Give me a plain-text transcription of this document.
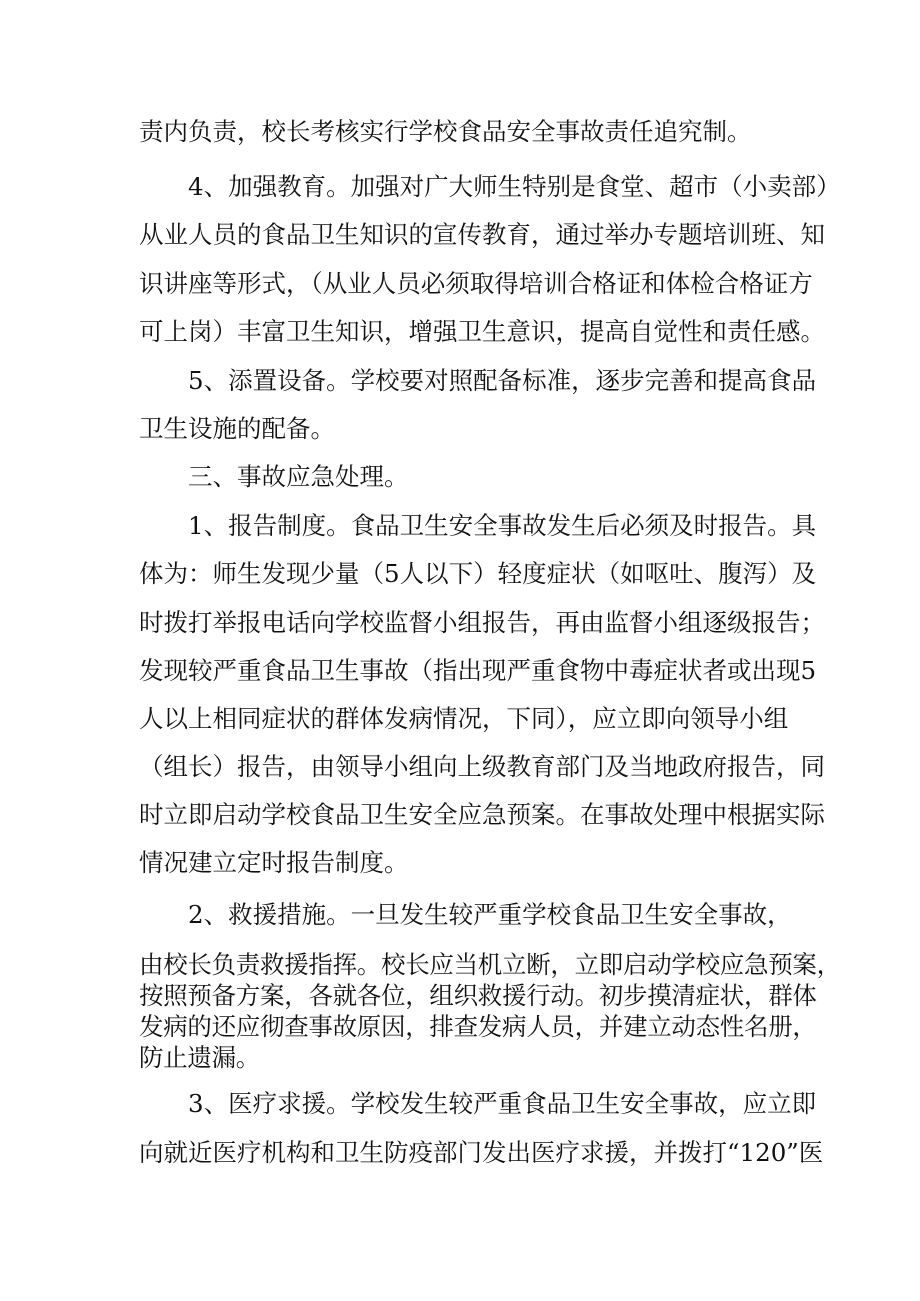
责内负责，校长考核实行学校食品安全事故责任追究制。
4、加强教育。加强对广大师生特别是食堂、超市（小卖部）
从业人员的食品卫生知识的宣传教育，通过举办专题培训班、知
识讲座等形式，（从业人员必须取得培训合格证和体检合格证方
可上岗）丰富卫生知识，增强卫生意识，提高自觉性和责任感。
5、添置设备。学校要对照配备标准，逐步完善和提高食品
卫生设施的配备。
三、事故应急处理。
1、报告制度。食品卫生安全事故发生后必须及时报告。具
体为：师生发现少量（5人以下）轻度症状（如呕吐、腹泻）及
时拨打举报电话向学校监督小组报告，再由监督小组逐级报告；
发现较严重食品卫生事故（指出现严重食物中毒症状者或出现5
人以上相同症状的群体发病情况，下同），应立即向领导小组
（组长）报告，由领导小组向上级教育部门及当地政府报告，同
时立即启动学校食品卫生安全应急预案。在事故处理中根据实际
情况建立定时报告制度。
2、救援措施。一旦发生较严重学校食品卫生安全事故，
由校长负责救援指挥。校长应当机立断，立即启动学校应急预案，
按照预备方案，各就各位，组织救援行动。初步摸清症状，群体
发病的还应彻查事故原因，排查发病人员，并建立动态性名册，
防止遗漏。
3、医疗求援。学校发生较严重食品卫生安全事故，应立即
向就近医疗机构和卫生防疫部门发出医疗求援，并拨打“120”医
